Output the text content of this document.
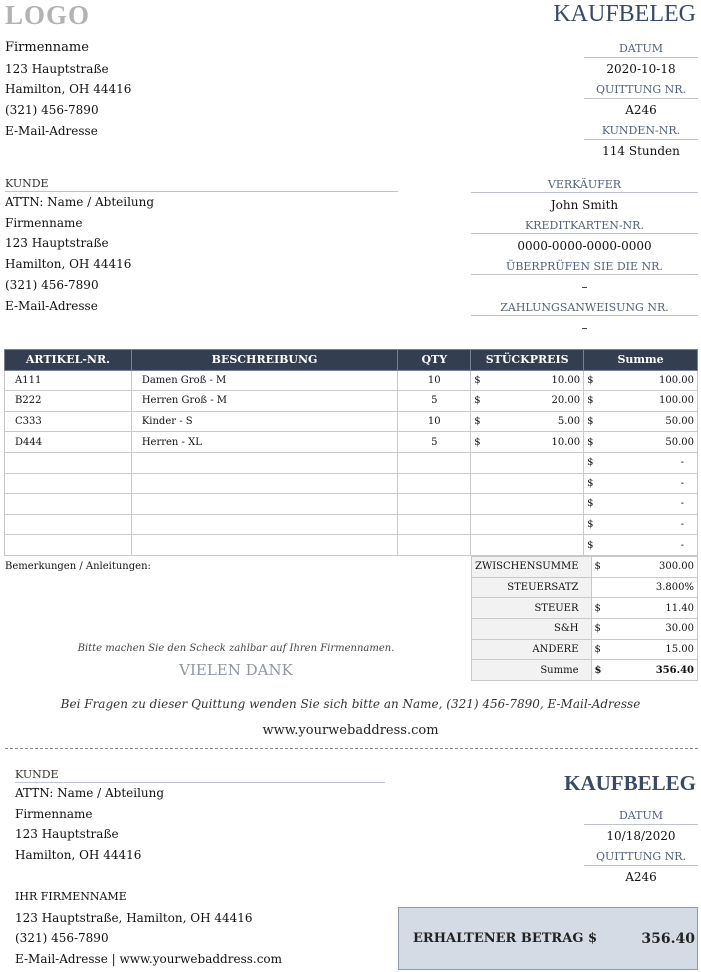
LOGO	KAUFBELEG
Firmenname
123 Hauptstraße
Hamilton, OH 44416
(321) 456-7890
E-Mail-Adresse
DATUM
2020-10-18
QUITTUNG NR.
A246
KUNDEN-NR.
114 Stunden
KUNDE
ATTN: Name / Abteilung
Firmenname
123 Hauptstraße
Hamilton, OH 44416
(321) 456-7890
E-Mail-Adresse
VERKÄUFER
John Smith
KREDITKARTEN-NR.
0000-0000-0000-0000
ÜBERPRÜFEN SIE DIE NR.
–
ZAHLUNGSANWEISUNG NR.
–
ARTIKEL-NR.	BESCHREIBUNG	QTY	STÜCKPREIS	Summe
A111	Damen Groß - M	10	$ 10.00	$ 100.00

B222	Herren Groß - M	5	$ 20.00	$ 100.00

C333	Kinder - S	10	$ 5.00	$ 50.00

D444	Herren - XL	5	$ 10.00	$ 50.00

				$ -

				$ -

				$ -

				$ -

				$ -
Bemerkungen / Anleitungen:	ZWISCHENSUMME	$	300.00
STEUERSATZ		3.800%
STEUER	$	11.40
S&H	$	30.00
ANDERE	$	15.00
Summe	$	356.40
Bitte machen Sie den Scheck zahlbar auf Ihren Firmennamen.
VIELEN DANK
Bei Fragen zu dieser Quittung wenden Sie sich bitte an Name, (321) 456-7890, E-Mail-Adresse
www.yourwebaddress.com
KUNDE
ATTN: Name / Abteilung
Firmenname
123 Hauptstraße
Hamilton, OH 44416
IHR FIRMENNAME
123 Hauptstraße, Hamilton, OH 44416
(321) 456-7890
E-Mail-Adresse | www.yourwebaddress.com
KAUFBELEG
DATUM
10/18/2020
QUITTUNG NR.
A246
ERHALTENER BETRAG $	356.40
